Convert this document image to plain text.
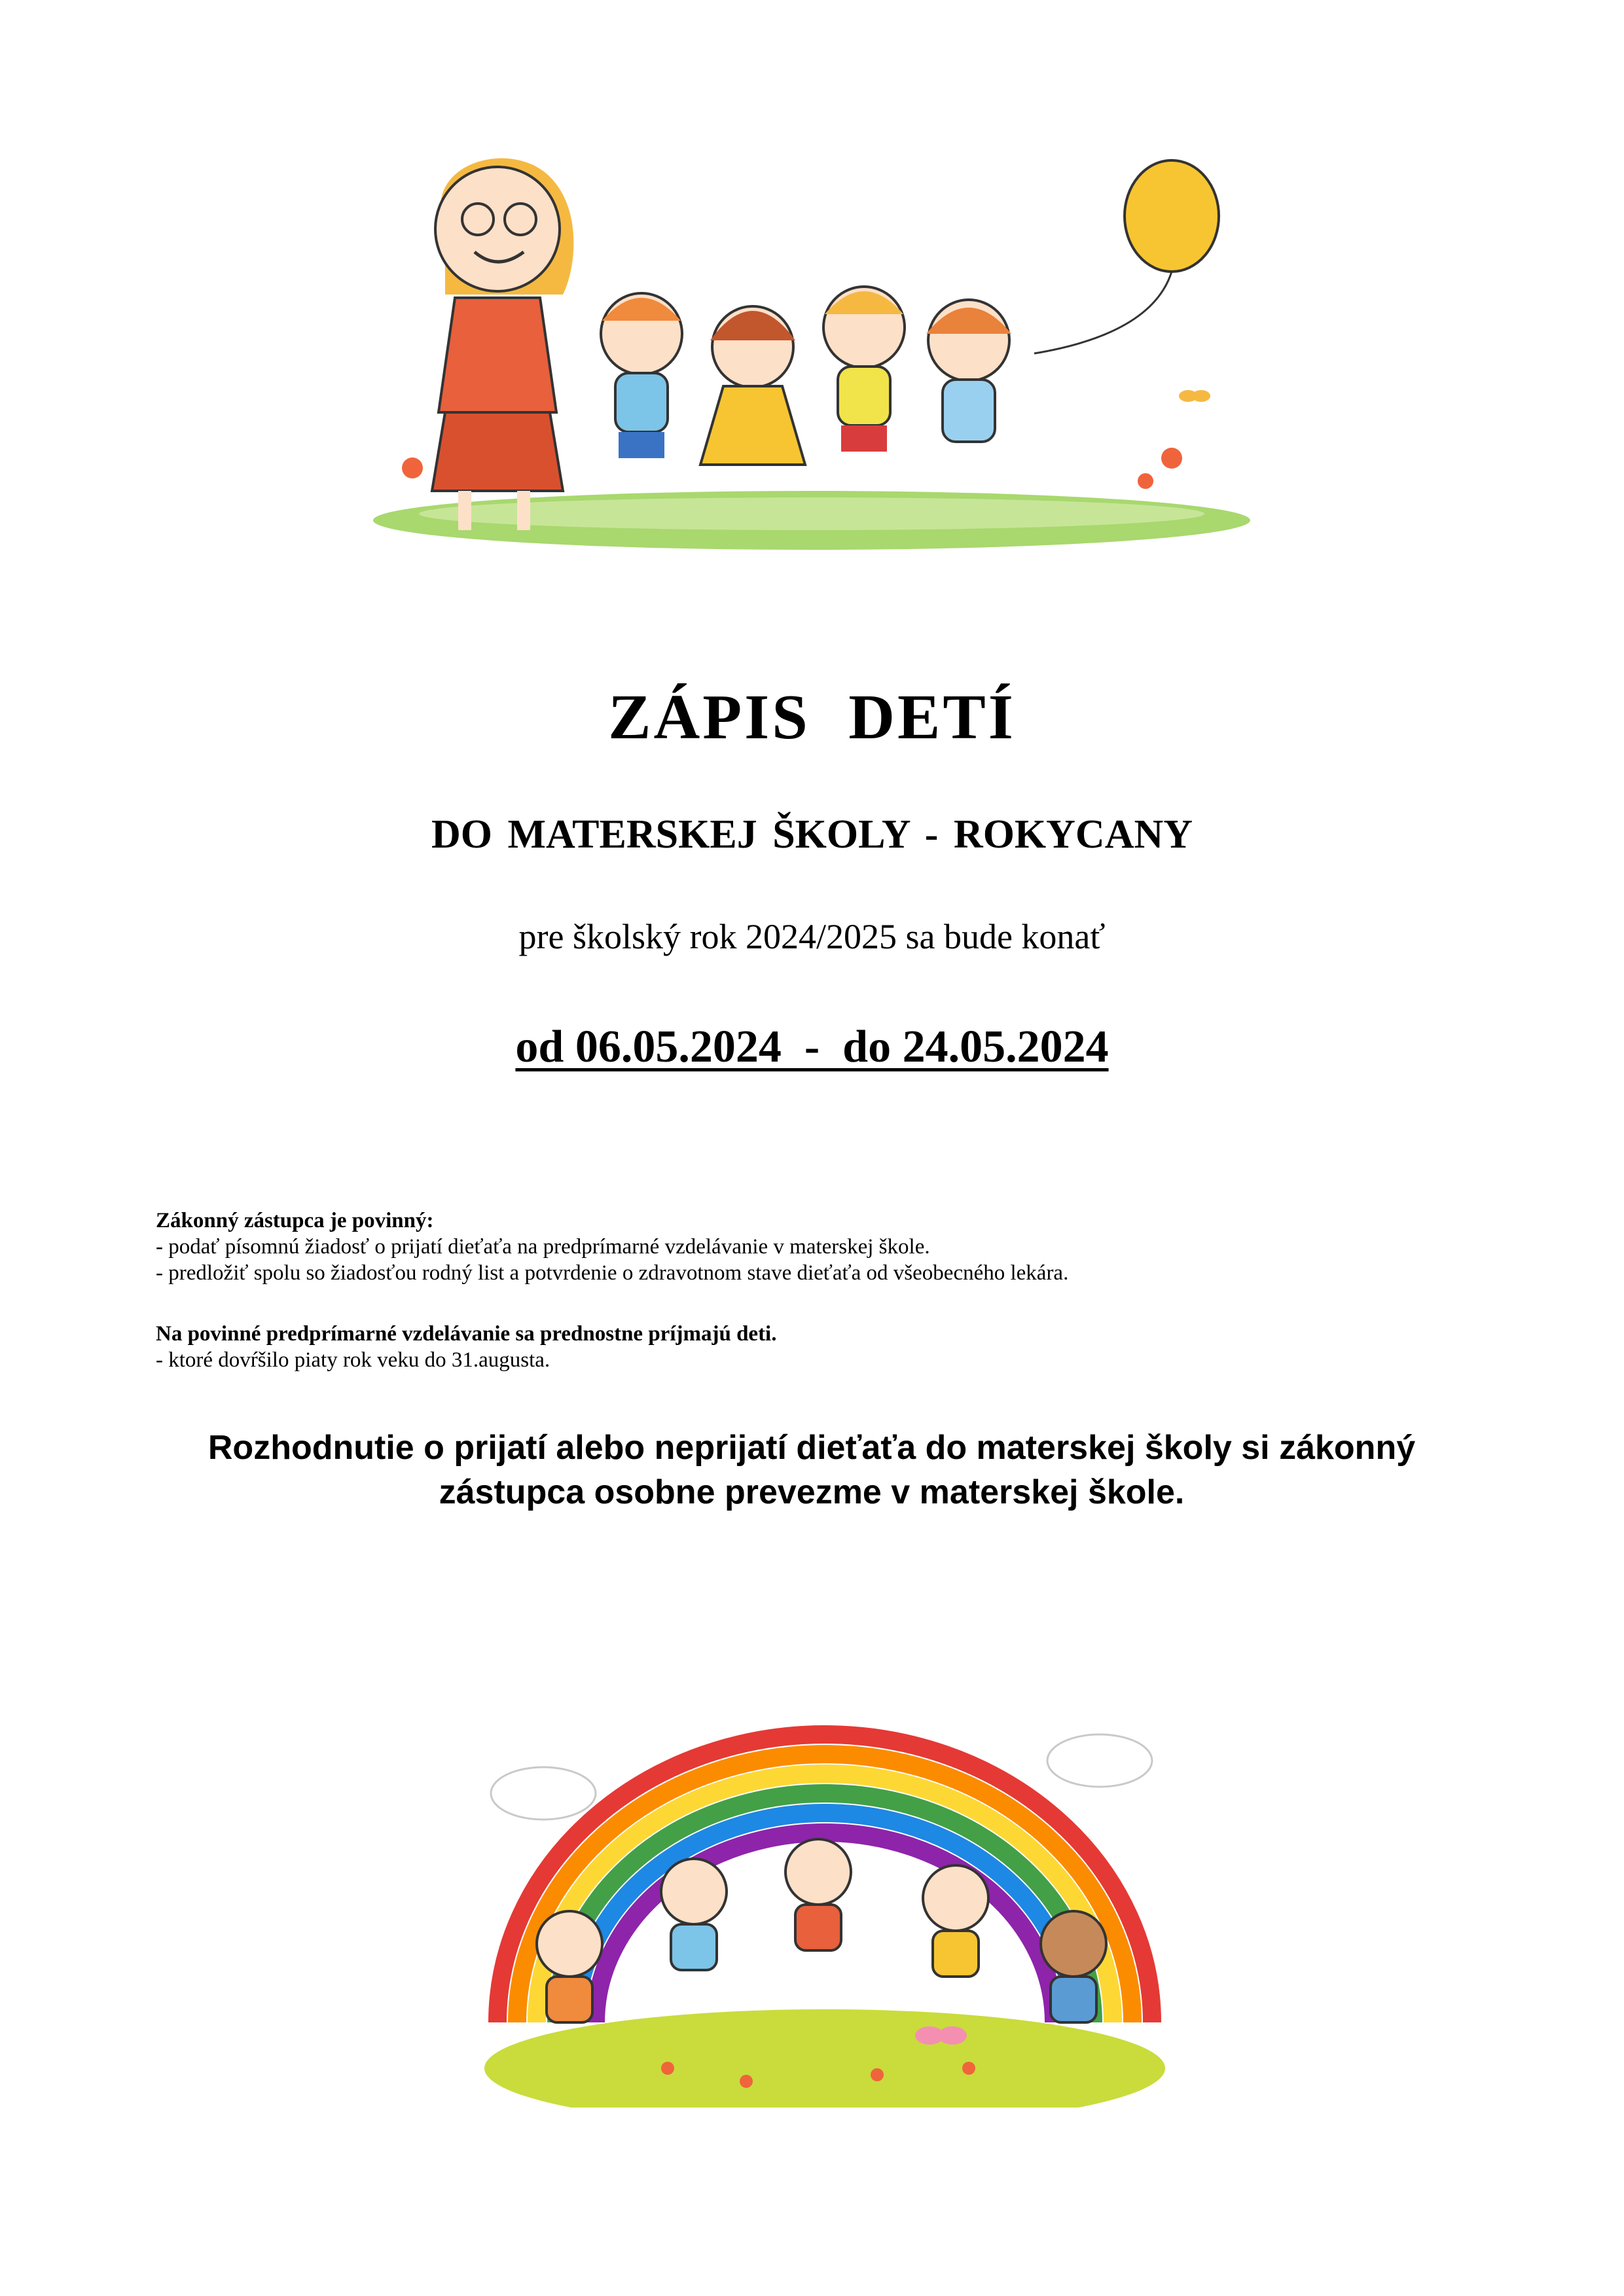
ZÁPIS DETÍ
DO MATERSKEJ ŠKOLY - ROKYCANY

pre školský rok 2024/2025 sa bude konať

od 06.05.2024  -  do 24.05.2024

Zákonný zástupca je povinný:

- podať písomnú žiadosť o prijatí dieťaťa na predprímarné vzdelávanie v materskej škole.

- predložiť spolu so žiadosťou rodný list a potvrdenie o zdravotnom stave dieťaťa od všeobecného lekára.

Na povinné predprímarné vzdelávanie sa prednostne príjmajú deti.

- ktoré dovŕšilo piaty rok veku do 31.augusta.

Rozhodnutie o prijatí alebo neprijatí dieťaťa do materskej školy si zákonný zástupca osobne prevezme v materskej škole.
